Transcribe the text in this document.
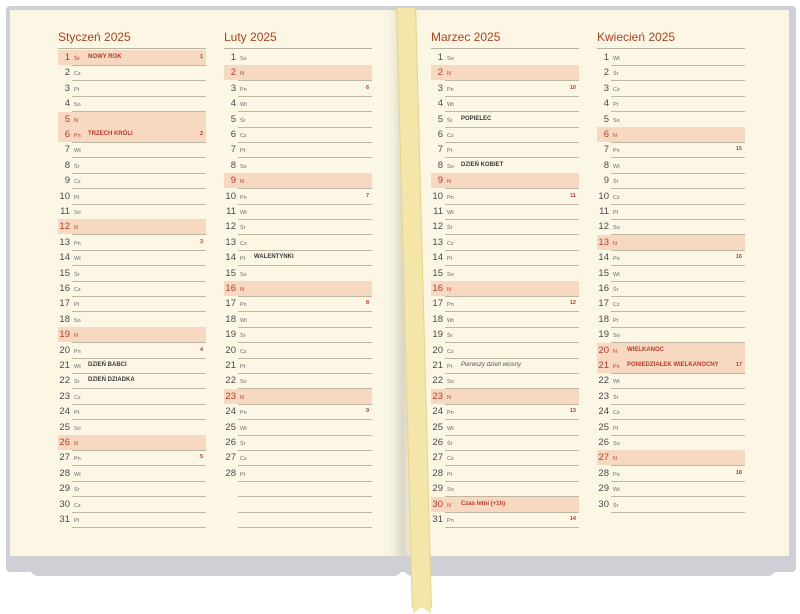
Styczeń 2025
1 Śr NOWY ROK	1
2 Cz
3 Pt
4 So
5 N
6 Pn TRZECH KRÓLI	2
7 Wt
8 Śr
9 Cz
10 Pt
11 So
12 N
13 Pn	3
14 Wt
15 Śr
16 Cz
17 Pt
18 So
19 N
20 Pn	4
21 Wt DZIEŃ BABCI
22 Śr DZIEŃ DZIADKA
23 Cz
24 Pt
25 So
26 N
27 Pn	5
28 Wt
29 Śr
30 Cz
31 Pt
Luty 2025
1 So
2 N
3 Pn	6
4 Wt
5 Śr
6 Cz
7 Pt
8 So
9 N
10 Pn	7
11 Wt
12 Śr
13 Cz
14 Pt WALENTYNKI
15 So
16 N
17 Pn	8
18 Wt
19 Śr
20 Cz
21 Pt
22 So
23 N
24 Pn	9
25 Wt
26 Śr
27 Cz
28 Pt
Marzec 2025
1 So
2 N
3 Pn	10
4 Wt
5 Śr POPIELEC
6 Cz
7 Pt
8 So DZIEŃ KOBIET
9 N
10 Pn	11
11 Wt
12 Śr
13 Cz
14 Pt
15 So
16 N
17 Pn	12
18 Wt
19 Śr
20 Cz
21 Pt Pierwszy dzień wiosny
22 So
23 N
24 Pn	13
25 Wt
26 Śr
27 Cz
28 Pt
29 So
30 N Czas letni (+1h)
31 Pn	14
Kwiecień 2025
1 Wt
2 Śr
3 Cz
4 Pt
5 So
6 N
7 Pn	15
8 Wt
9 Śr
10 Cz
11 Pt
12 So
13 N
14 Pn	16
15 Wt
16 Śr
17 Cz
18 Pt
19 So
20 N WIELKANOC
21 Pn PONIEDZIAŁEK WIELKANOCNY	17
22 Wt
23 Śr
24 Cz
25 Pt
26 So
27 N
28 Pn	18
29 Wt
30 Śr
